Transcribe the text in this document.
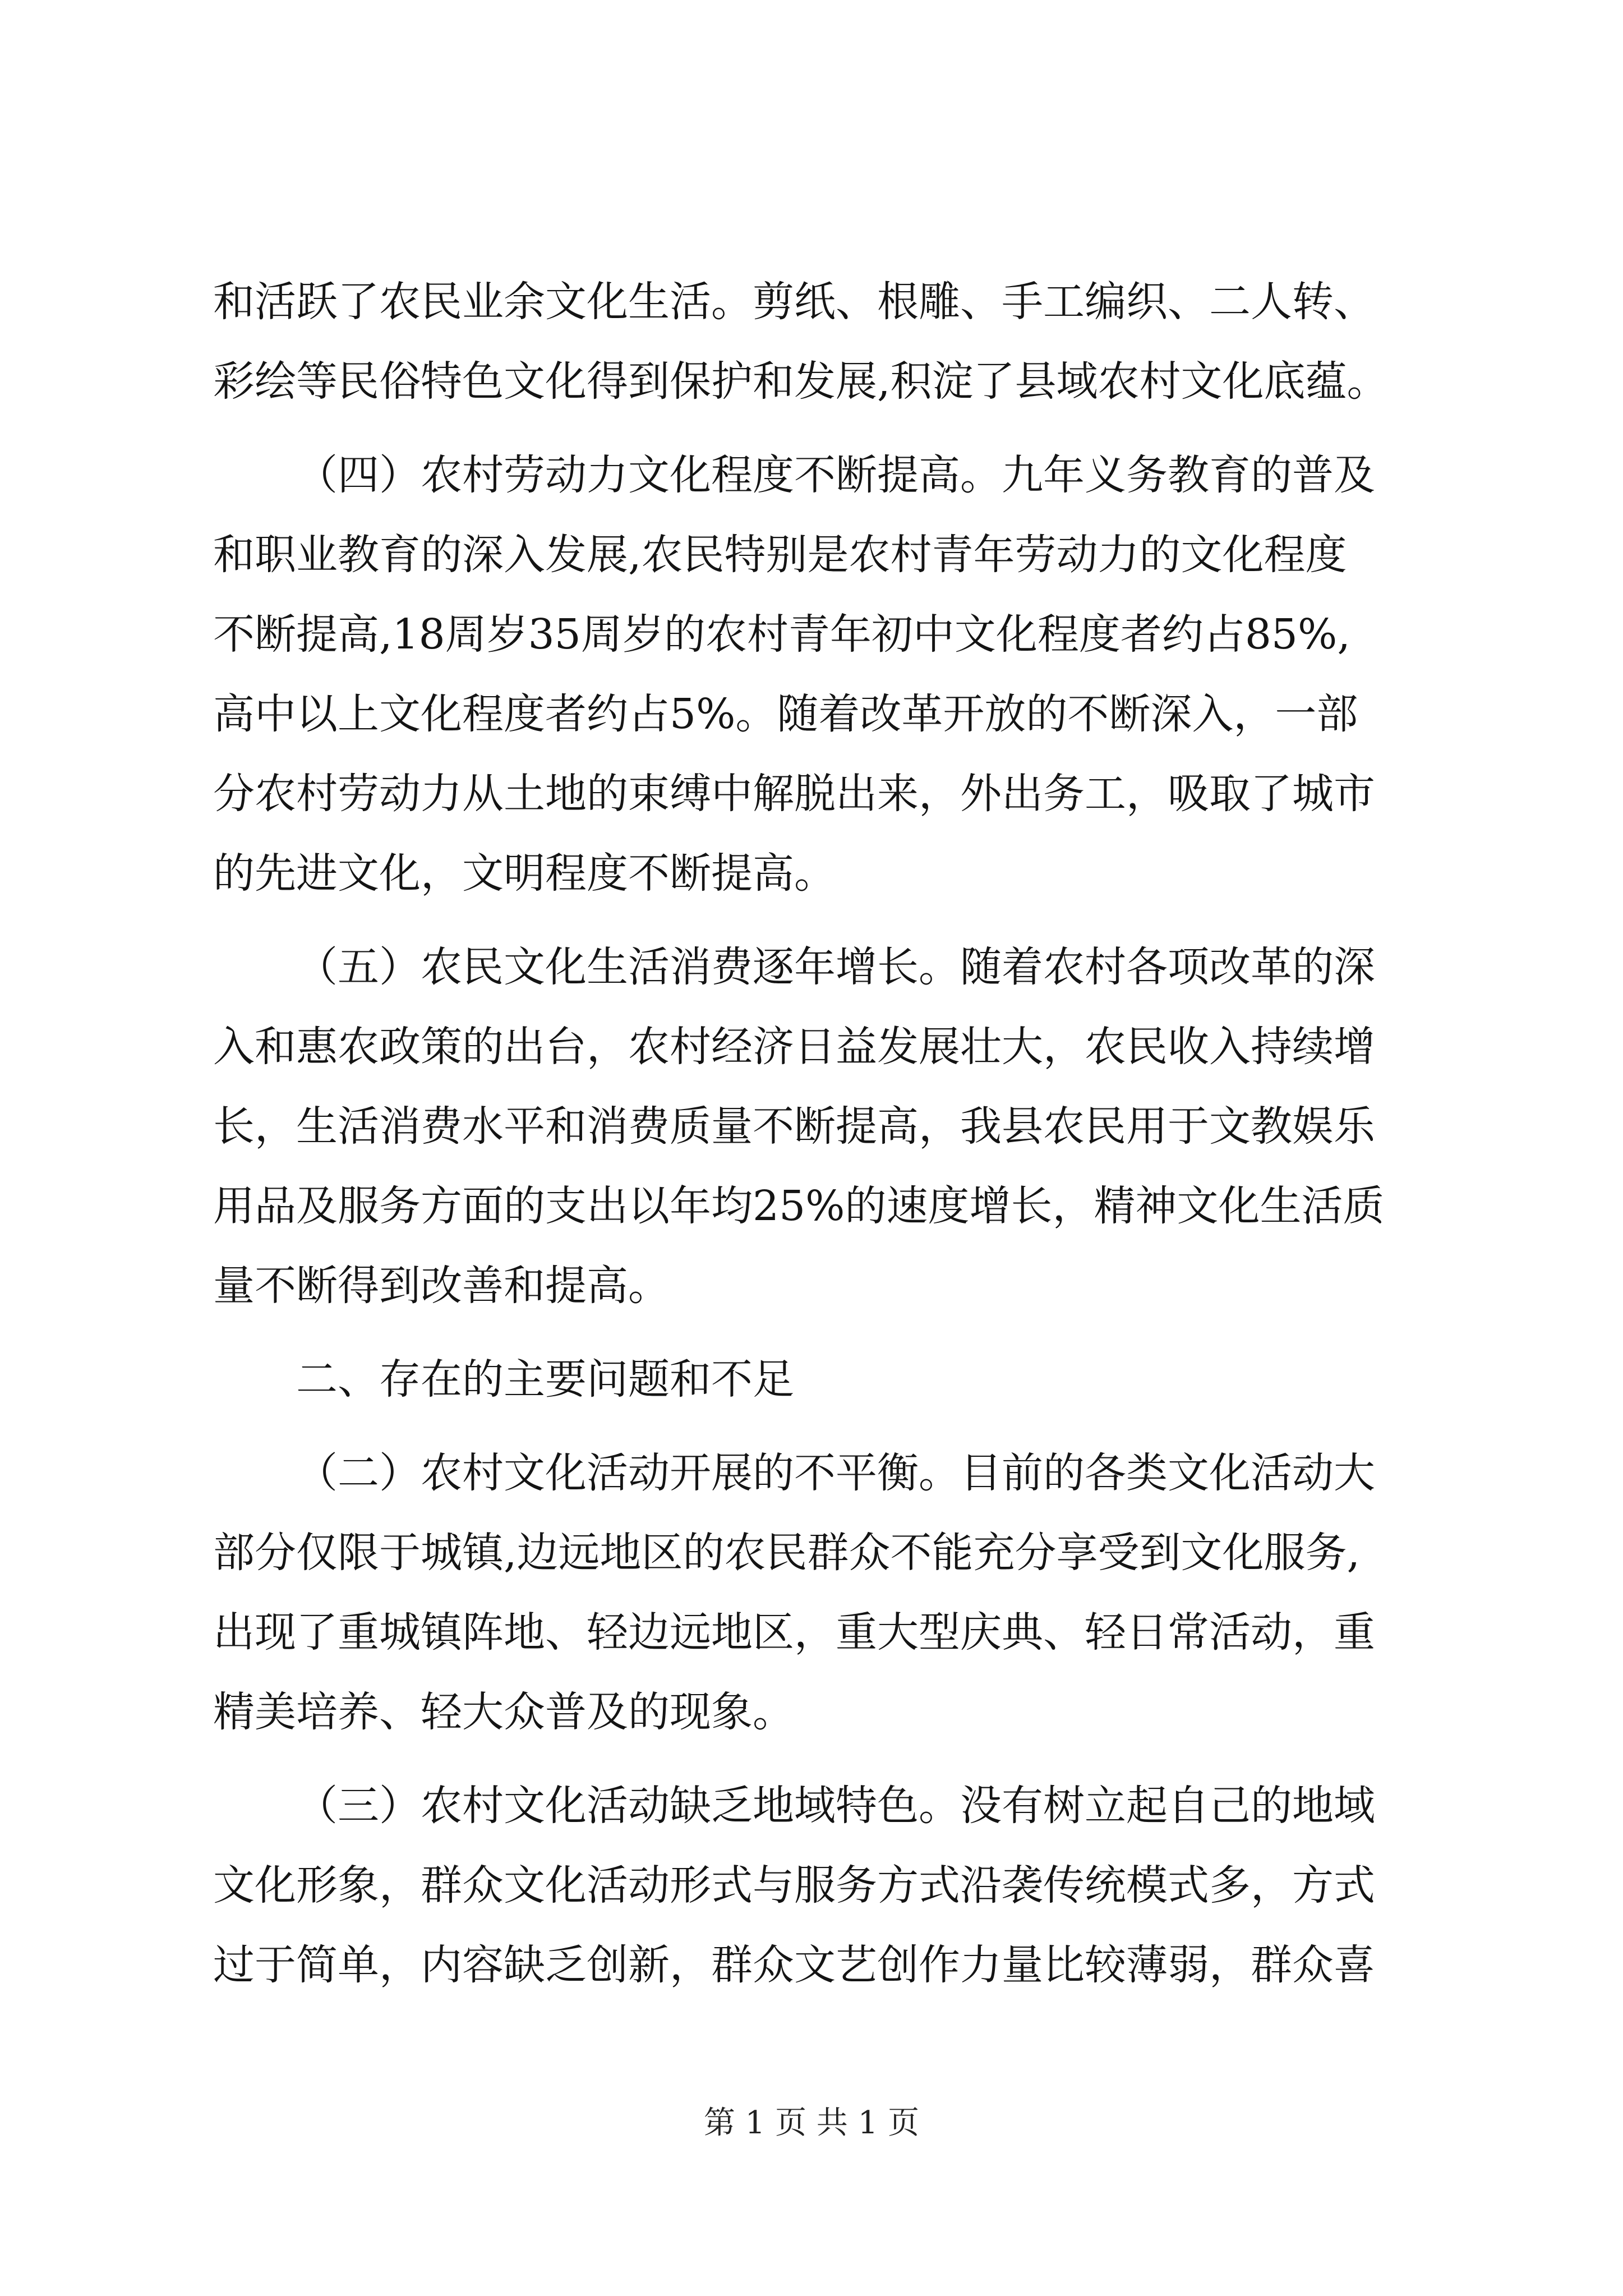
和活跃了农民业余文化生活。剪纸、根雕、手工编织、二人转、
彩绘等民俗特色文化得到保护和发展,积淀了县域农村文化底蕴。
（四）农村劳动力文化程度不断提高。九年义务教育的普及
和职业教育的深入发展,农民特别是农村青年劳动力的文化程度
不断提高,18周岁35周岁的农村青年初中文化程度者约占85%,
高中以上文化程度者约占5%。随着改革开放的不断深入，一部
分农村劳动力从土地的束缚中解脱出来，外出务工，吸取了城市
的先进文化，文明程度不断提高。
（五）农民文化生活消费逐年增长。随着农村各项改革的深
入和惠农政策的出台，农村经济日益发展壮大，农民收入持续增
长，生活消费水平和消费质量不断提高，我县农民用于文教娱乐
用品及服务方面的支出以年均25%的速度增长，精神文化生活质
量不断得到改善和提高。
二、存在的主要问题和不足
（二）农村文化活动开展的不平衡。目前的各类文化活动大
部分仅限于城镇,边远地区的农民群众不能充分享受到文化服务,
出现了重城镇阵地、轻边远地区，重大型庆典、轻日常活动，重
精美培养、轻大众普及的现象。
（三）农村文化活动缺乏地域特色。没有树立起自己的地域
文化形象，群众文化活动形式与服务方式沿袭传统模式多，方式
过于简单，内容缺乏创新，群众文艺创作力量比较薄弱，群众喜
第 1 页 共 1 页
